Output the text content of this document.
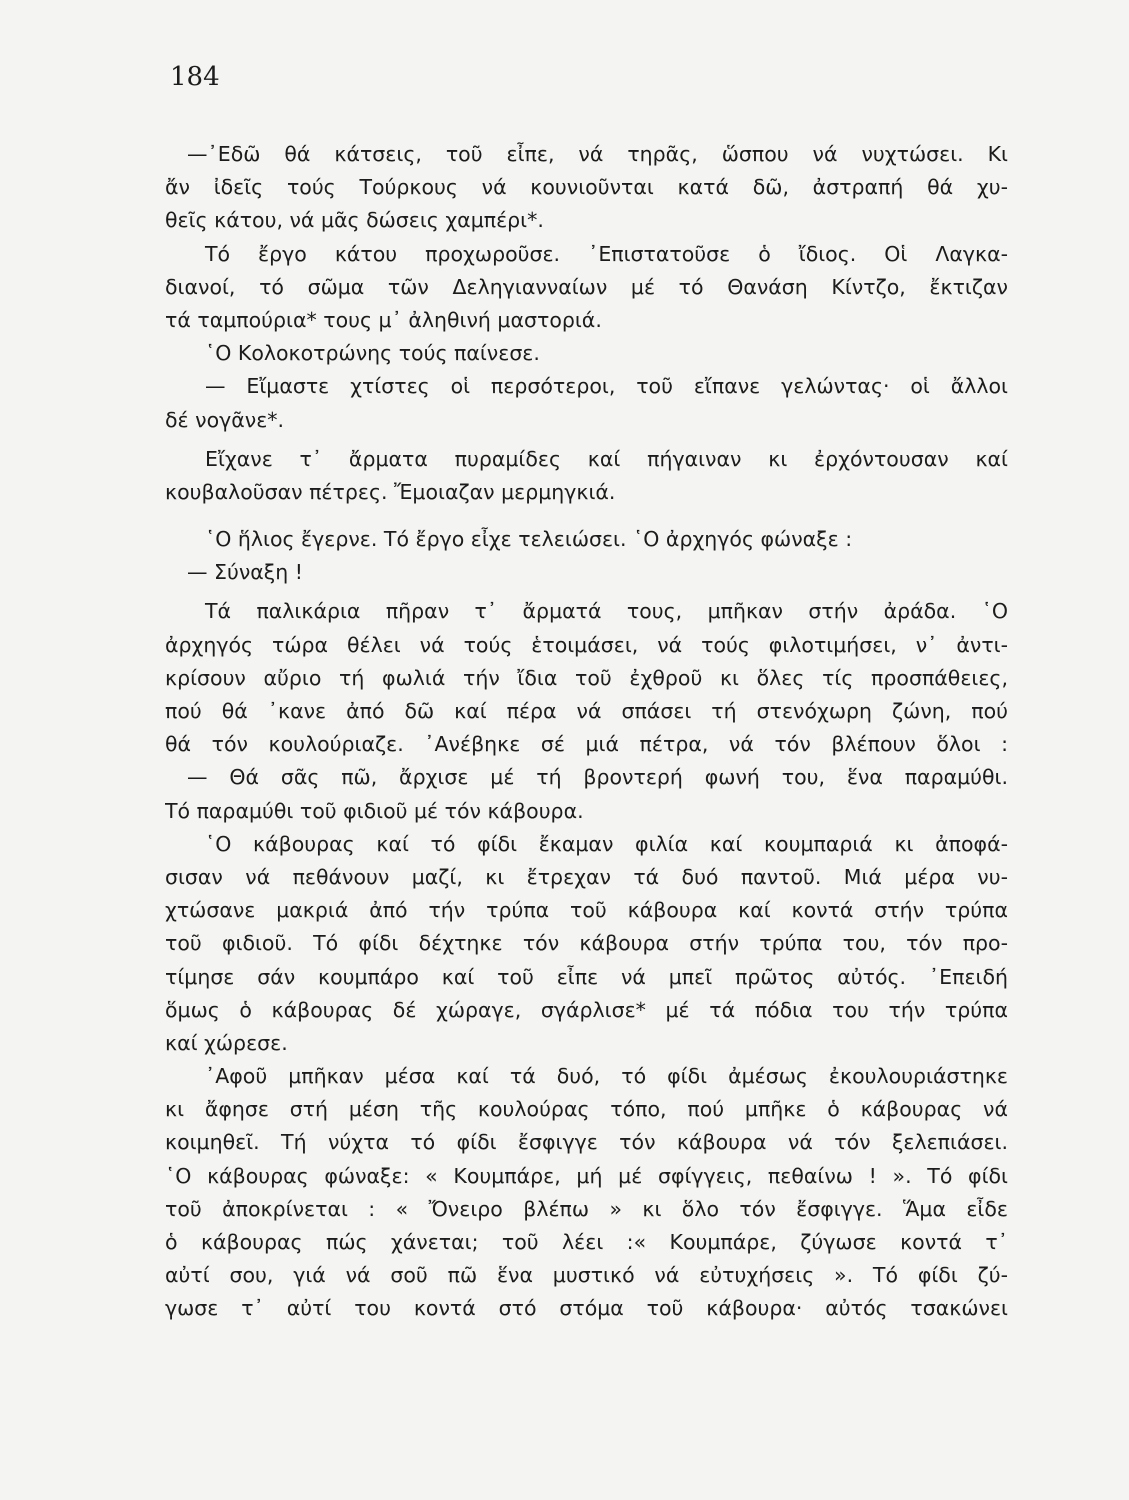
184
—᾿Εδῶ θά κάτσεις, τοῦ εἶπε, νά τηρᾶς, ὥσπου νά νυχτώσει. Κι
ἄν ἰδεῖς τούς Τούρκους νά κουνιοῦνται κατά δῶ, ἀστραπή θά χυ-
θεῖς κάτου, νά μᾶς δώσεις χαμπέρι*.
Τό ἔργο κάτου προχωροῦσε. ᾿Επιστατοῦσε ὁ ἴδιος. Οἱ Λαγκα-
διανοί, τό σῶμα τῶν Δεληγιανναίων μέ τό Θανάση Κίντζο, ἔκτιζαν
τά ταμπούρια* τους μ᾿ ἀληθινή μαστοριά.
῾Ο Κολοκοτρώνης τούς παίνεσε.
— Εἴμαστε χτίστες οἱ περσότεροι, τοῦ εἴπανε γελώντας· οἱ ἄλλοι
δέ νογᾶνε*.
Εἴχανε τ᾿ ἄρματα πυραμίδες καί πήγαιναν κι ἐρχόντουσαν καί
κουβαλοῦσαν πέτρες. Ἔμοιαζαν μερμηγκιά.
῾Ο ἥλιος ἔγερνε. Τό ἔργο εἶχε τελειώσει. ῾Ο ἀρχηγός φώναξε :
— Σύναξη !
Τά παλικάρια πῆραν τ᾿ ἄρματά τους, μπῆκαν στήν ἀράδα. ῾Ο
ἀρχηγός τώρα θέλει νά τούς ἑτοιμάσει, νά τούς φιλοτιμήσει, ν᾿ ἀντι-
κρίσουν αὔριο τή φωλιά τήν ἴδια τοῦ ἐχθροῦ κι ὅλες τίς προσπάθειες,
πού θά ᾿κανε ἀπό δῶ καί πέρα νά σπάσει τή στενόχωρη ζώνη, πού
θά τόν κουλούριαζε. ᾿Ανέβηκε σέ μιά πέτρα, νά τόν βλέπουν ὅλοι :
— Θά σᾶς πῶ, ἄρχισε μέ τή βροντερή φωνή του, ἕνα παραμύθι.
Τό παραμύθι τοῦ φιδιοῦ μέ τόν κάβουρα.
῾Ο κάβουρας καί τό φίδι ἔκαμαν φιλία καί κουμπαριά κι ἀποφά-
σισαν νά πεθάνουν μαζί, κι ἔτρεχαν τά δυό παντοῦ. Μιά μέρα νυ-
χτώσανε μακριά ἀπό τήν τρύπα τοῦ κάβουρα καί κοντά στήν τρύπα
τοῦ φιδιοῦ. Τό φίδι δέχτηκε τόν κάβουρα στήν τρύπα του, τόν προ-
τίμησε σάν κουμπάρο καί τοῦ εἶπε νά μπεῖ πρῶτος αὐτός. ᾿Επειδή
ὅμως ὁ κάβουρας δέ χώραγε, σγάρλισε* μέ τά πόδια του τήν τρύπα
καί χώρεσε.
᾿Αφοῦ μπῆκαν μέσα καί τά δυό, τό φίδι ἀμέσως ἐκουλουριάστηκε
κι ἄφησε στή μέση τῆς κουλούρας τόπο, πού μπῆκε ὁ κάβουρας νά
κοιμηθεῖ. Τή νύχτα τό φίδι ἔσφιγγε τόν κάβουρα νά τόν ξελεπιάσει.
῾Ο κάβουρας φώναξε: « Κουμπάρε, μή μέ σφίγγεις, πεθαίνω ! ». Τό φίδι
τοῦ ἀποκρίνεται : « Ὄνειρο βλέπω » κι ὅλο τόν ἔσφιγγε. Ἅμα εἶδε
ὁ κάβουρας πώς χάνεται; τοῦ λέει :« Κουμπάρε, ζύγωσε κοντά τ᾿
αὐτί σου, γιά νά σοῦ πῶ ἕνα μυστικό νά εὐτυχήσεις ». Τό φίδι ζύ-
γωσε τ᾿ αὐτί του κοντά στό στόμα τοῦ κάβουρα· αὐτός τσακώνει
